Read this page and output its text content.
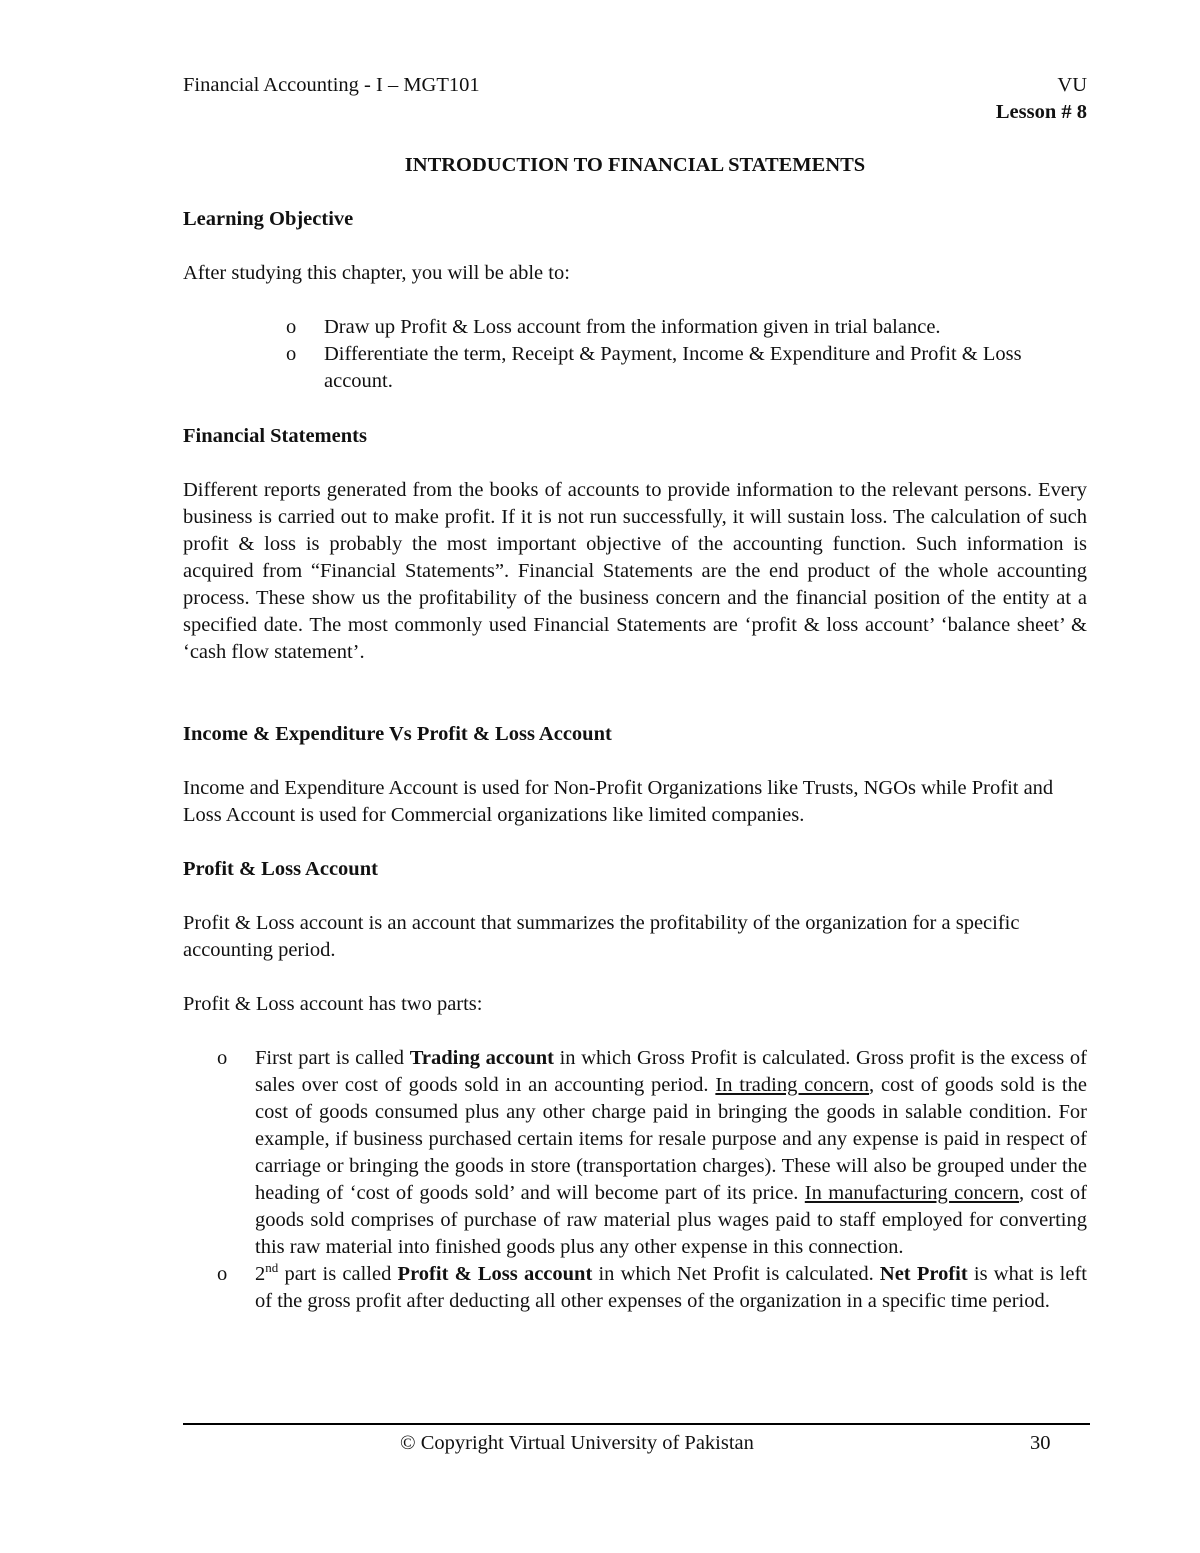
Financial Accounting - I – MGT101	VU
Lesson # 8
INTRODUCTION TO FINANCIAL STATEMENTS
Learning Objective
After studying this chapter, you will be able to:
o Draw up Profit & Loss account from the information given in trial balance.
o Differentiate the term, Receipt & Payment, Income & Expenditure and Profit & Loss account.
Financial Statements
Different reports generated from the books of accounts to provide information to the relevant persons. Every business is carried out to make profit. If it is not run successfully, it will sustain loss. The calculation of such profit & loss is probably the most important objective of the accounting function. Such information is acquired from “Financial Statements”. Financial Statements are the end product of the whole accounting process. These show us the profitability of the business concern and the financial position of the entity at a specified date. The most commonly used Financial Statements are ‘profit & loss account’ ‘balance sheet’ & ‘cash flow statement’.
Income & Expenditure Vs Profit & Loss Account
Income and Expenditure Account is used for Non-Profit Organizations like Trusts, NGOs while Profit and Loss Account is used for Commercial organizations like limited companies.
Profit & Loss Account
Profit & Loss account is an account that summarizes the profitability of the organization for a specific accounting period.
Profit & Loss account has two parts:
o First part is called Trading account in which Gross Profit is calculated. Gross profit is the excess of sales over cost of goods sold in an accounting period. In trading concern, cost of goods sold is the cost of goods consumed plus any other charge paid in bringing the goods in salable condition. For example, if business purchased certain items for resale purpose and any expense is paid in respect of carriage or bringing the goods in store (transportation charges). These will also be grouped under the heading of ‘cost of goods sold’ and will become part of its price. In manufacturing concern, cost of goods sold comprises of purchase of raw material plus wages paid to staff employed for converting this raw material into finished goods plus any other expense in this connection.
o 2nd part is called Profit & Loss account in which Net Profit is calculated. Net Profit is what is left of the gross profit after deducting all other expenses of the organization in a specific time period.
© Copyright Virtual University of Pakistan	30
